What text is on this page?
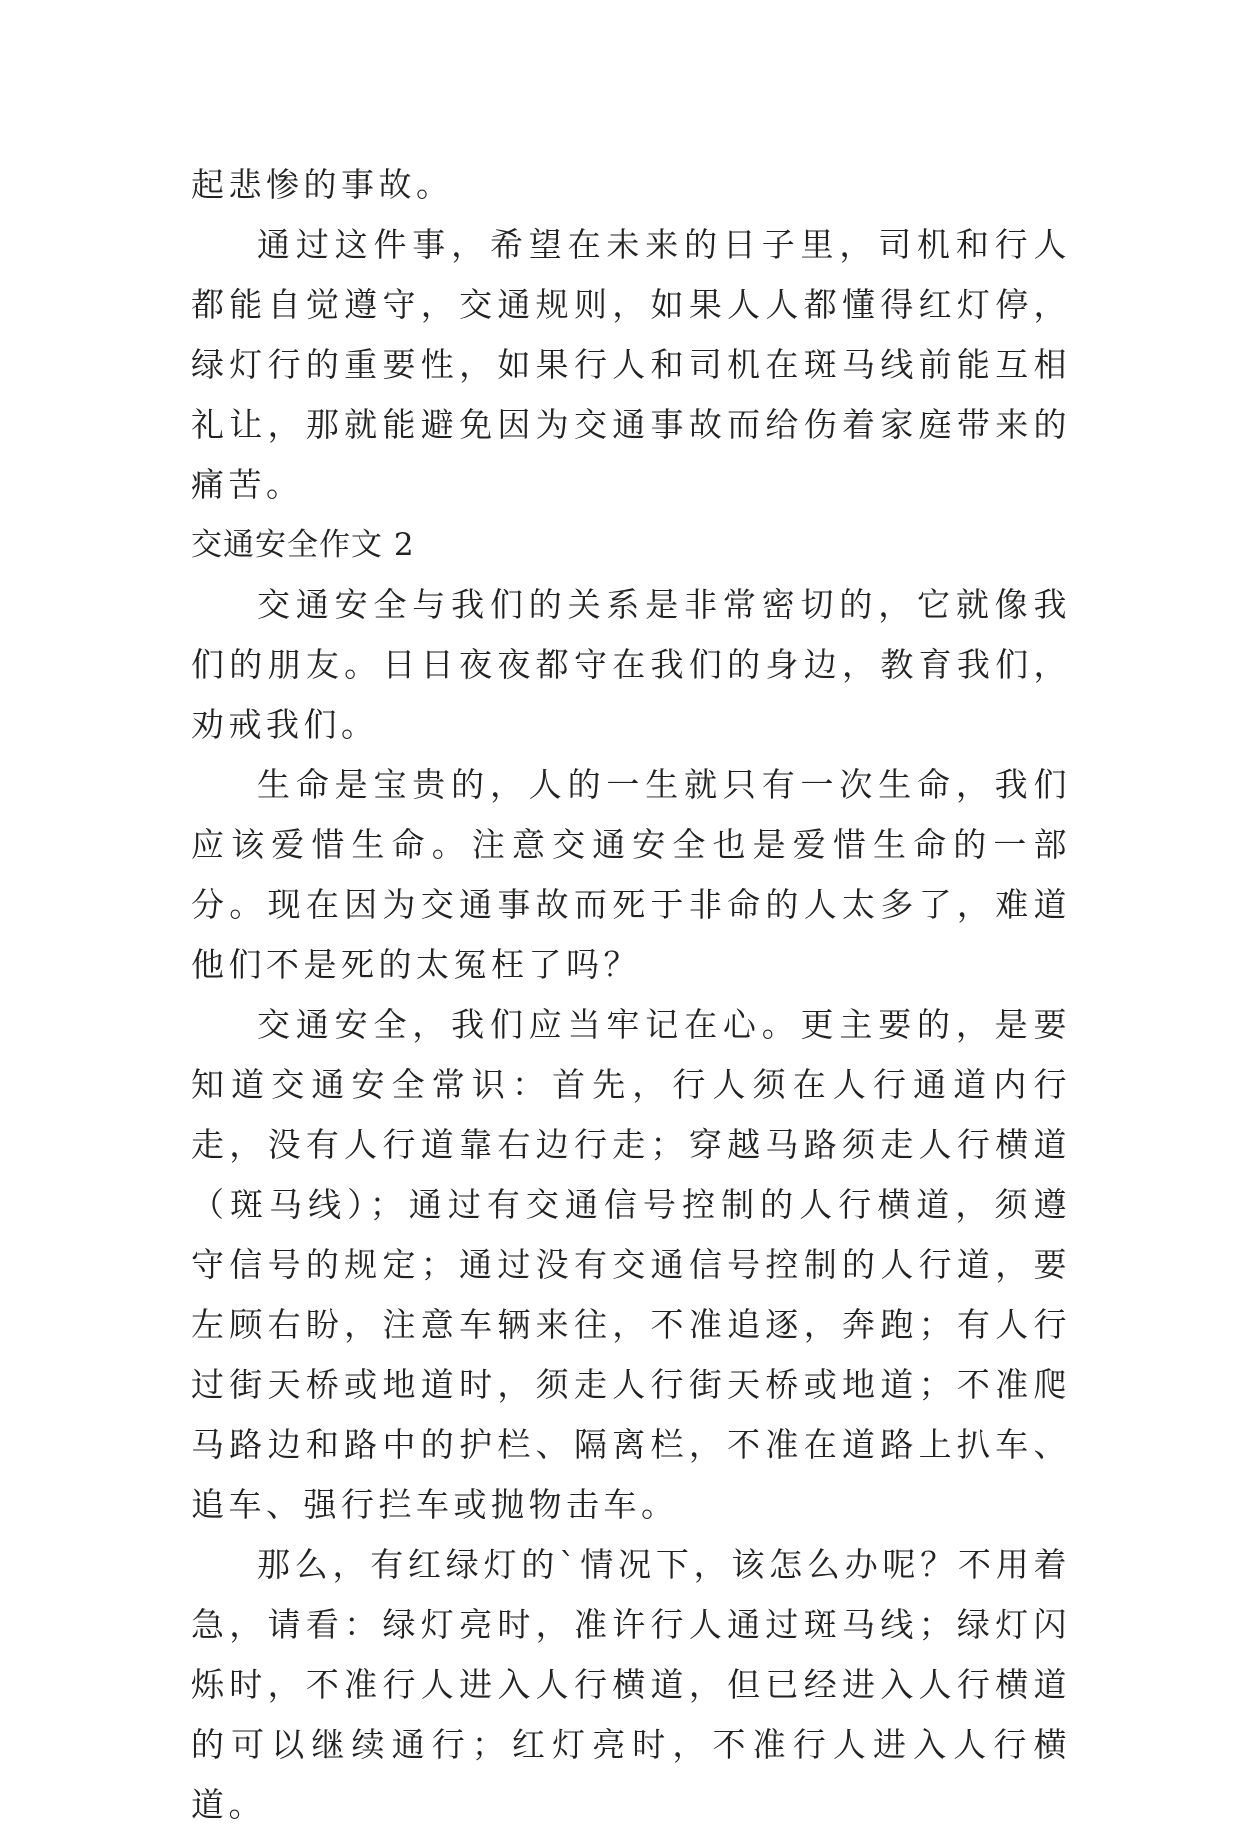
起悲惨的事故。

通过这件事，希望在未来的日子里，司机和行人都能自觉遵守，交通规则，如果人人都懂得红灯停，绿灯行的重要性，如果行人和司机在斑马线前能互相礼让，那就能避免因为交通事故而给伤着家庭带来的痛苦。

交通安全作文 2

交通安全与我们的关系是非常密切的，它就像我们的朋友。日日夜夜都守在我们的身边，教育我们，劝戒我们。

生命是宝贵的，人的一生就只有一次生命，我们应该爱惜生命。注意交通安全也是爱惜生命的一部分。现在因为交通事故而死于非命的人太多了，难道他们不是死的太冤枉了吗？

交通安全，我们应当牢记在心。更主要的，是要知道交通安全常识：首先，行人须在人行通道内行走，没有人行道靠右边行走；穿越马路须走人行横道（斑马线）；通过有交通信号控制的人行横道，须遵守信号的规定；通过没有交通信号控制的人行道，要左顾右盼，注意车辆来往，不准追逐，奔跑；有人行过街天桥或地道时，须走人行街天桥或地道；不准爬马路边和路中的护栏、隔离栏，不准在道路上扒车、追车、强行拦车或抛物击车。

那么，有红绿灯的`情况下，该怎么办呢？不用着急，请看：绿灯亮时，准许行人通过斑马线；绿灯闪烁时，不准行人进入人行横道，但已经进入人行横道的可以继续通行；红灯亮时，不准行人进入人行横道。
